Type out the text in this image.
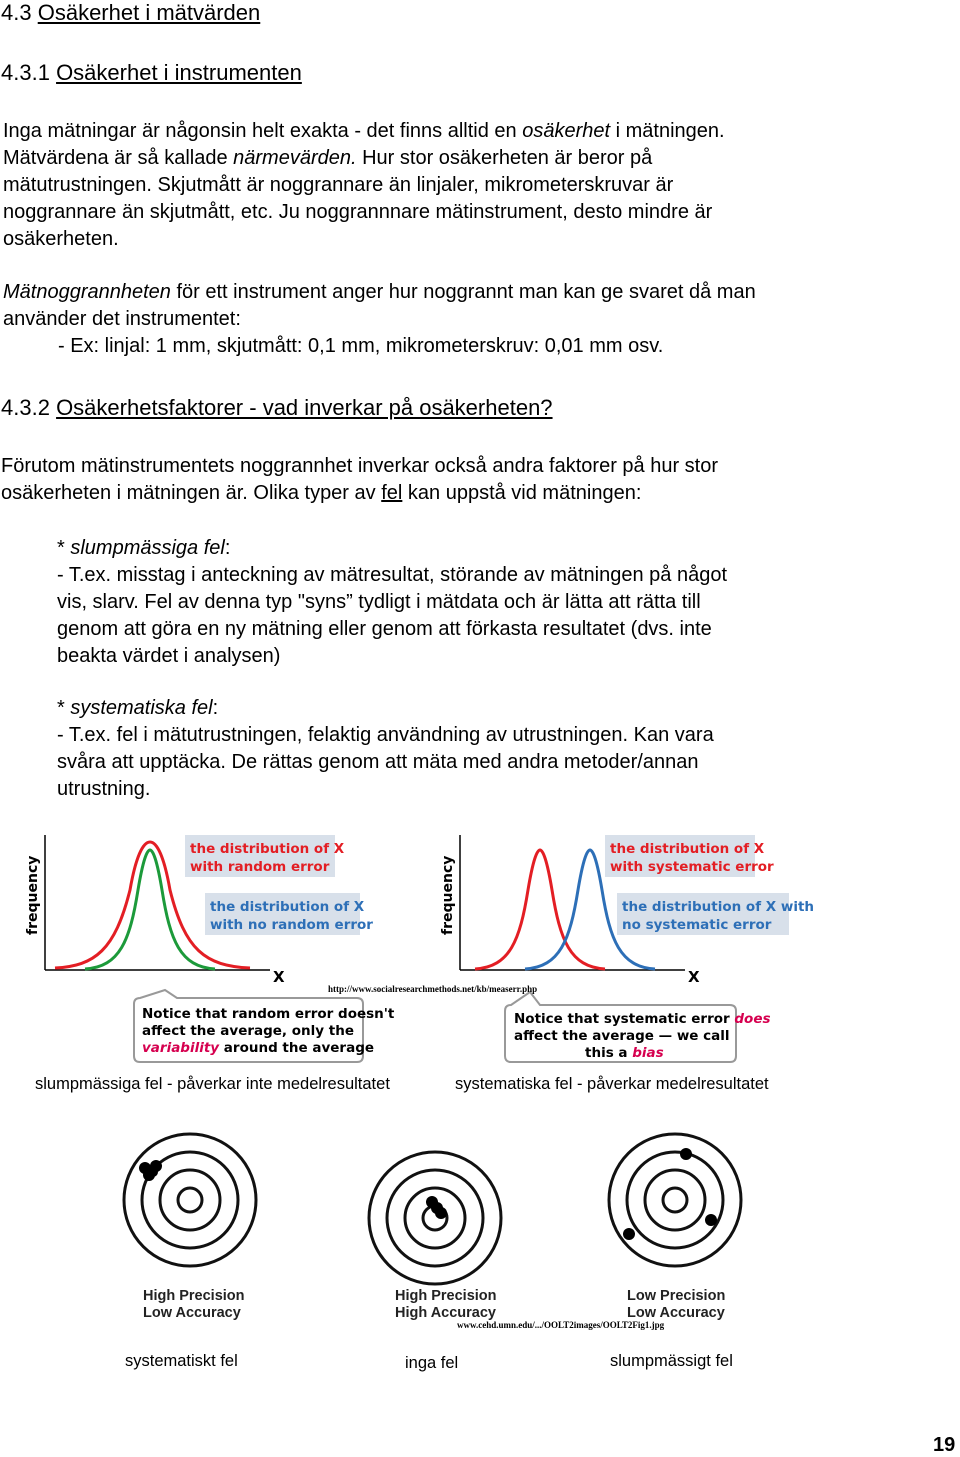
4.3 Osäkerhet i mätvärden
4.3.1 Osäkerhet i instrumenten
Inga mätningar är någonsin helt exakta - det finns alltid en osäkerhet i mätningen.
Mätvärdena är så kallade närmevärden. Hur stor osäkerheten är beror på
mätutrustningen. Skjutmått är noggrannare än linjaler, mikrometerskruvar är
noggrannare än skjutmått, etc. Ju noggrannnare mätinstrument, desto mindre är
osäkerheten.
Mätnoggrannheten för ett instrument anger hur noggrannt man kan ge svaret då man
använder det instrumentet:
- Ex: linjal: 1 mm, skjutmått: 0,1 mm, mikrometerskruv: 0,01 mm osv.
4.3.2 Osäkerhetsfaktorer - vad inverkar på osäkerheten?
Förutom mätinstrumentets noggrannhet inverkar också andra faktorer på hur stor
osäkerheten i mätningen är. Olika typer av fel kan uppstå vid mätningen:
* slumpmässiga fel:
- T.ex. misstag i anteckning av mätresultat, störande av mätningen på något
vis, slarv. Fel av denna typ "syns” tydligt i mätdata och är lätta att rätta till
genom att göra en ny mätning eller genom att förkasta resultatet (dvs. inte
beakta värdet i analysen)
* systematiska fel:
- T.ex. fel i mätutrustningen, felaktig användning av utrustningen. Kan vara
svåra att upptäcka. De rättas genom att mäta med andra metoder/annan
utrustning.
frequency
X
the distribution of X
with random error
the distribution of X
with no random error
Notice that random error doesn't
affect the average, only the
variability around the average
frequency
X
the distribution of X
with systematic error
the distribution of X with
no systematic error
Notice that systematic error does
affect the average — we call
this a bias
http://www.socialresearchmethods.net/kb/measerr.php
slumpmässiga fel - påverkar inte medelresultatet	systematiska fel - påverkar medelresultatet
High Precision
Low Accuracy
High Precision
High Accuracy
Low Precision
Low Accuracy
www.cehd.umn.edu/.../OOLT2images/OOLT2Fig1.jpg
systematiskt fel	inga fel	slumpmässigt fel
19
